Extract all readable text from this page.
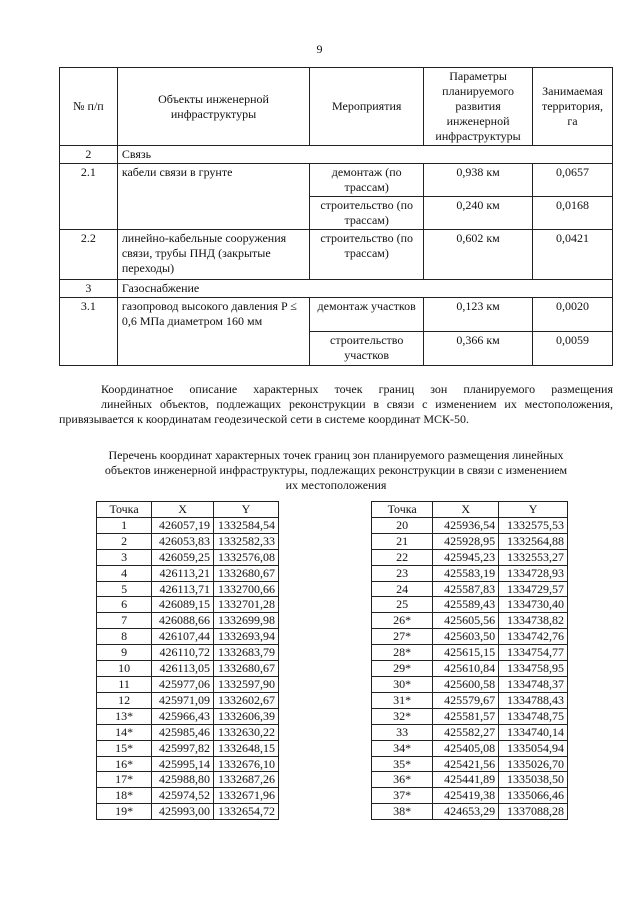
9
№ п/п	Объекты инженерной инфраструктуры	Мероприятия	Параметры планируемого развития инженерной инфраструктуры	Занимаемая территория, га
2	Связь			
2.1	кабели связи в грунте	демонтаж (по трассам)	0,938 км	0,0657
		строительство (по трассам)	0,240 км	0,0168
2.2	линейно-кабельные сооружения связи, трубы ПНД (закрытые переходы)	строительство (по трассам)	0,602 км	0,0421
3	Газоснабжение			
3.1	газопровод высокого давления P ≤ 0,6 МПа диаметром 160 мм	демонтаж участков	0,123 км	0,0020
		строительство участков	0,366 км	0,0059
Координатное описание характерных точек границ зон планируемого размещения
линейных объектов, подлежащих реконструкции в связи с изменением их местоположения,
привязывается к координатам геодезической сети в системе координат МСК-50.
Перечень координат характерных точек границ зон планируемого размещения линейных
объектов инженерной инфраструктуры, подлежащих реконструкции в связи с изменением
их местоположения
Точка	X	Y
1	426057,19	1332584,54
2	426053,83	1332582,33
3	426059,25	1332576,08
4	426113,21	1332680,67
5	426113,71	1332700,66
6	426089,15	1332701,28
7	426088,66	1332699,98
8	426107,44	1332693,94
9	426110,72	1332683,79
10	426113,05	1332680,67
11	425977,06	1332597,90
12	425971,09	1332602,67
13*	425966,43	1332606,39
14*	425985,46	1332630,22
15*	425997,82	1332648,15
16*	425995,14	1332676,10
17*	425988,80	1332687,26
18*	425974,52	1332671,96
19*	425993,00	1332654,72
Точка	X	Y
20	425936,54	1332575,53
21	425928,95	1332564,88
22	425945,23	1332553,27
23	425583,19	1334728,93
24	425587,83	1334729,57
25	425589,43	1334730,40
26*	425605,56	1334738,82
27*	425603,50	1334742,76
28*	425615,15	1334754,77
29*	425610,84	1334758,95
30*	425600,58	1334748,37
31*	425579,67	1334788,43
32*	425581,57	1334748,75
33	425582,27	1334740,14
34*	425405,08	1335054,94
35*	425421,56	1335026,70
36*	425441,89	1335038,50
37*	425419,38	1335066,46
38*	424653,29	1337088,28
